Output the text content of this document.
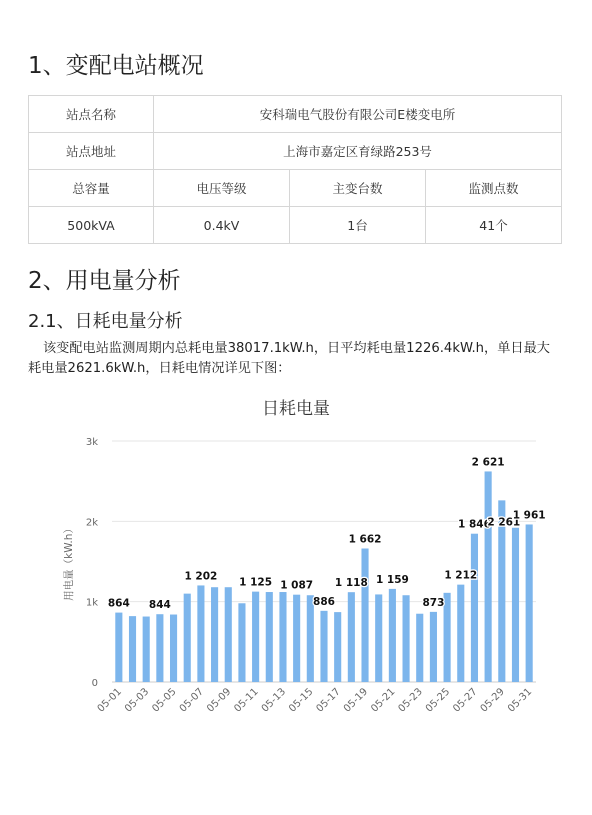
1、变配电站概况
站点名称	安科瑞电气股份有限公司E楼变电所		
站点地址	上海市嘉定区育绿路253号		
总容量	电压等级	主变台数	监测点数
500kVA	0.4kV	1台	41个
2、用电量分析
2.1、日耗电量分析

该变配电站监测周期内总耗电量38017.1kW.h，日平均耗电量1226.4kW.h，单日最大耗电量2621.6kW.h，日耗电情况详见下图：

日耗电量
用电量（kW.h）
0
1k
2k
3k
864 844
1 202
1 125 1 087
886
1 118
1 662
1 159
873
1 212
1 846
2 621
2 261
1 961
05-01 05-03 05-05 05-07 05-09 05-11 05-13 05-15 05-17 05-19 05-21 05-23 05-25 05-27 05-29 05-31
